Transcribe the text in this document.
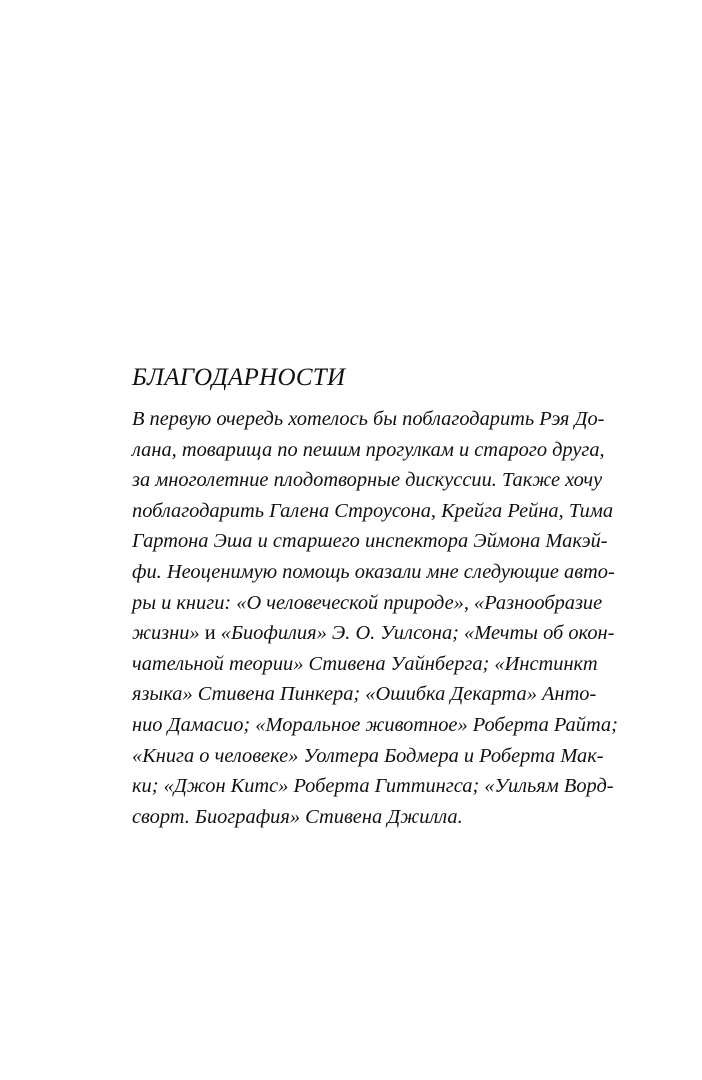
БЛАГОДАРНОСТИ
В первую очередь хотелось бы поблагодарить Рэя До-
лана, товарища по пешим прогулкам и старого друга,
за многолетние плодотворные дискуссии. Также хочу
поблагодарить Галена Строусона, Крейга Рейна, Тима
Гартона Эша и старшего инспектора Эймона Макэй-
фи. Неоценимую помощь оказали мне следующие авто-
ры и книги: «О человеческой природе», «Разнообразие
жизни» и «Биофилия» Э. О. Уилсона; «Мечты об окон-
чательной теории» Стивена Уайнберга; «Инстинкт
языка» Стивена Пинкера; «Ошибка Декарта» Анто-
нио Дамасио; «Моральное животное» Роберта Райта;
«Книга о человеке» Уолтера Бодмера и Роберта Мак-
ки; «Джон Китс» Роберта Гиттингса; «Уильям Ворд-
сворт. Биография» Стивена Джилла.
